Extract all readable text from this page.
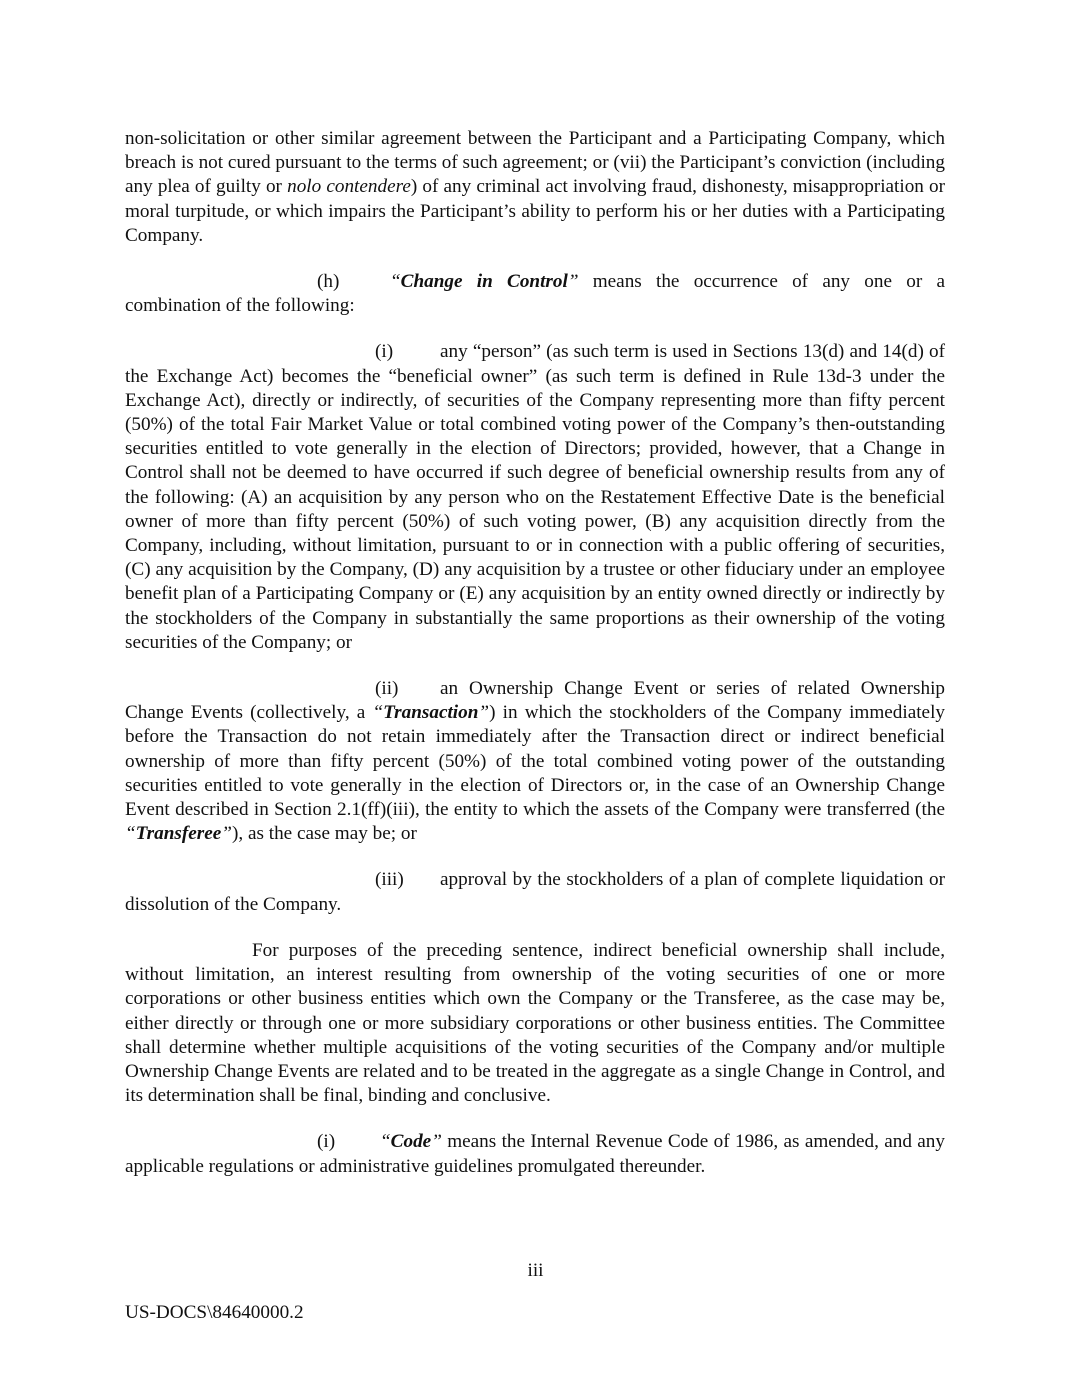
non-solicitation or other similar agreement between the Participant and a Participating Company, which breach is not cured pursuant to the terms of such agreement; or (vii) the Participant’s conviction (including any plea of guilty or nolo contendere) of any criminal act involving fraud, dishonesty, misappropriation or moral turpitude, or which impairs the Participant’s ability to perform his or her duties with a Participating Company.

(h)	“Change in Control” means the occurrence of any one or a combination of the following:

(i) any “person” (as such term is used in Sections 13(d) and 14(d) of the Exchange Act) becomes the “beneficial owner” (as such term is defined in Rule 13d-3 under the Exchange Act), directly or indirectly, of securities of the Company representing more than fifty percent (50%) of the total Fair Market Value or total combined voting power of the Company’s then-outstanding securities entitled to vote generally in the election of Directors; provided, however, that a Change in Control shall not be deemed to have occurred if such degree of beneficial ownership results from any of the following: (A) an acquisition by any person who on the Restatement Effective Date is the beneficial owner of more than fifty percent (50%) of such voting power, (B) any acquisition directly from the Company, including, without limitation, pursuant to or in connection with a public offering of securities, (C) any acquisition by the Company, (D) any acquisition by a trustee or other fiduciary under an employee benefit plan of a Participating Company or (E) any acquisition by an entity owned directly or indirectly by the stockholders of the Company in substantially the same proportions as their ownership of the voting securities of the Company; or

(ii) an Ownership Change Event or series of related Ownership Change Events (collectively, a “Transaction”) in which the stockholders of the Company immediately before the Transaction do not retain immediately after the Transaction direct or indirect beneficial ownership of more than fifty percent (50%) of the total combined voting power of the outstanding securities entitled to vote generally in the election of Directors or, in the case of an Ownership Change Event described in Section 2.1(ff)(iii), the entity to which the assets of the Company were transferred (the “Transferee”), as the case may be; or

(iii) approval by the stockholders of a plan of complete liquidation or dissolution of the Company.

For purposes of the preceding sentence, indirect beneficial ownership shall include, without limitation, an interest resulting from ownership of the voting securities of one or more corporations or other business entities which own the Company or the Transferee, as the case may be, either directly or through one or more subsidiary corporations or other business entities. The Committee shall determine whether multiple acquisitions of the voting securities of the Company and/or multiple Ownership Change Events are related and to be treated in the aggregate as a single Change in Control, and its determination shall be final, binding and conclusive.

(i) “Code” means the Internal Revenue Code of 1986, as amended, and any applicable regulations or administrative guidelines promulgated thereunder.

iii
US-DOCS\84640000.2
